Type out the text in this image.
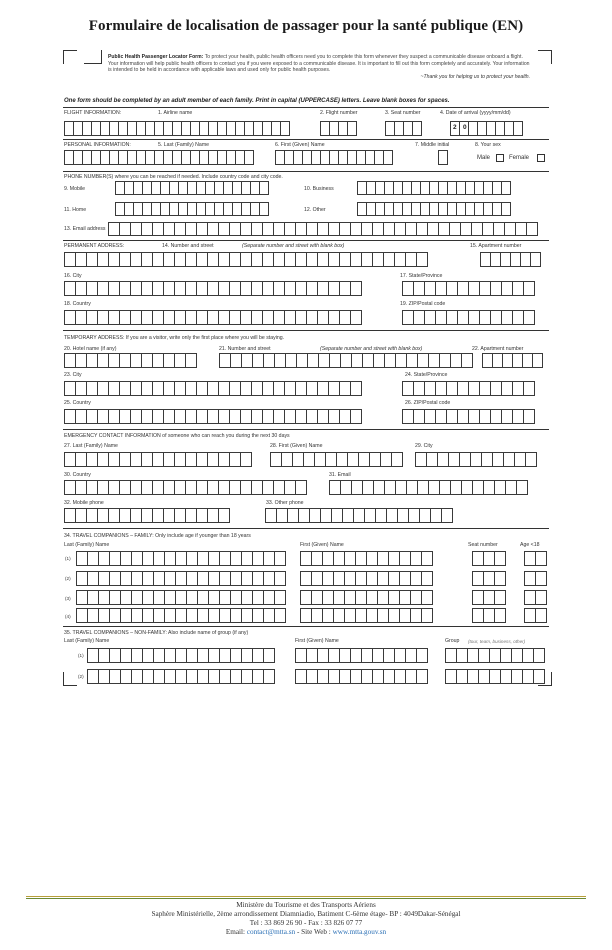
Formulaire de localisation de passager pour la santé publique (EN)
Public Health Passenger Locator Form: To protect your health, public health officers need you to complete this form whenever they suspect a communicable disease onboard a flight. Your information will help public health officers to contact you if you were exposed to a communicable disease. It is important to fill out this form completely and accurately. Your information is intended to be held in accordance with applicable laws and used only for public health purposes.
~Thank you for helping us to protect your health.
One form should be completed by an adult member of each family. Print in capital (UPPERCASE) letters. Leave blank boxes for spaces.
FLIGHT INFORMATION:	1. Airline name	2. Flight number	3. Seat number	4. Date of arrival (yyyy/mm/dd)
2 0
PERSONAL INFORMATION:	5. Last (Family) Name	6. First (Given) Name	7. Middle initial	8. Your sex
Male	Female
PHONE NUMBER(S) where you can be reached if needed. Include country code and city code.
9. Mobile	10. Business
11. Home	12. Other
13. Email address
PERMANENT ADDRESS:	14. Number and street	(Separate number and street with blank box)	15. Apartment number
16. City	17. State/Province
18. Country	19. ZIP/Postal code
TEMPORARY ADDRESS: If you are a visitor, write only the first place where you will be staying.
20. Hotel name (if any)	21. Number and street	(Separate number and street with blank box)	22. Apartment number
23. City	24. State/Province
25. Country	26. ZIP/Postal code
EMERGENCY CONTACT INFORMATION of someone who can reach you during the next 30 days
27. Last (Family) Name	28. First (Given) Name	29. City
30. Country	31. Email
32. Mobile phone	33. Other phone
34. TRAVEL COMPANIONS – FAMILY: Only include age if younger than 18 years
Last (Family) Name	First (Given) Name	Seat number	Age <18
(1)
(2)
(3)
(4)
35. TRAVEL COMPANIONS – NON-FAMILY: Also include name of group (if any)
Last (Family) Name	First (Given) Name	Group (tour, team, business, other)
(1)
(2)
Ministère du Tourisme et des Transports Aériens
Saphère Ministérielle, 2ème arrondissement Diamniadio, Batiment C-6ème étage- BP : 4049Dakar-Sénégal
Tel : 33 869 26 90 - Fax : 33 826 07 77
Email: contact@mtta.sn - Site Web : www.mtta.gouv.sn
